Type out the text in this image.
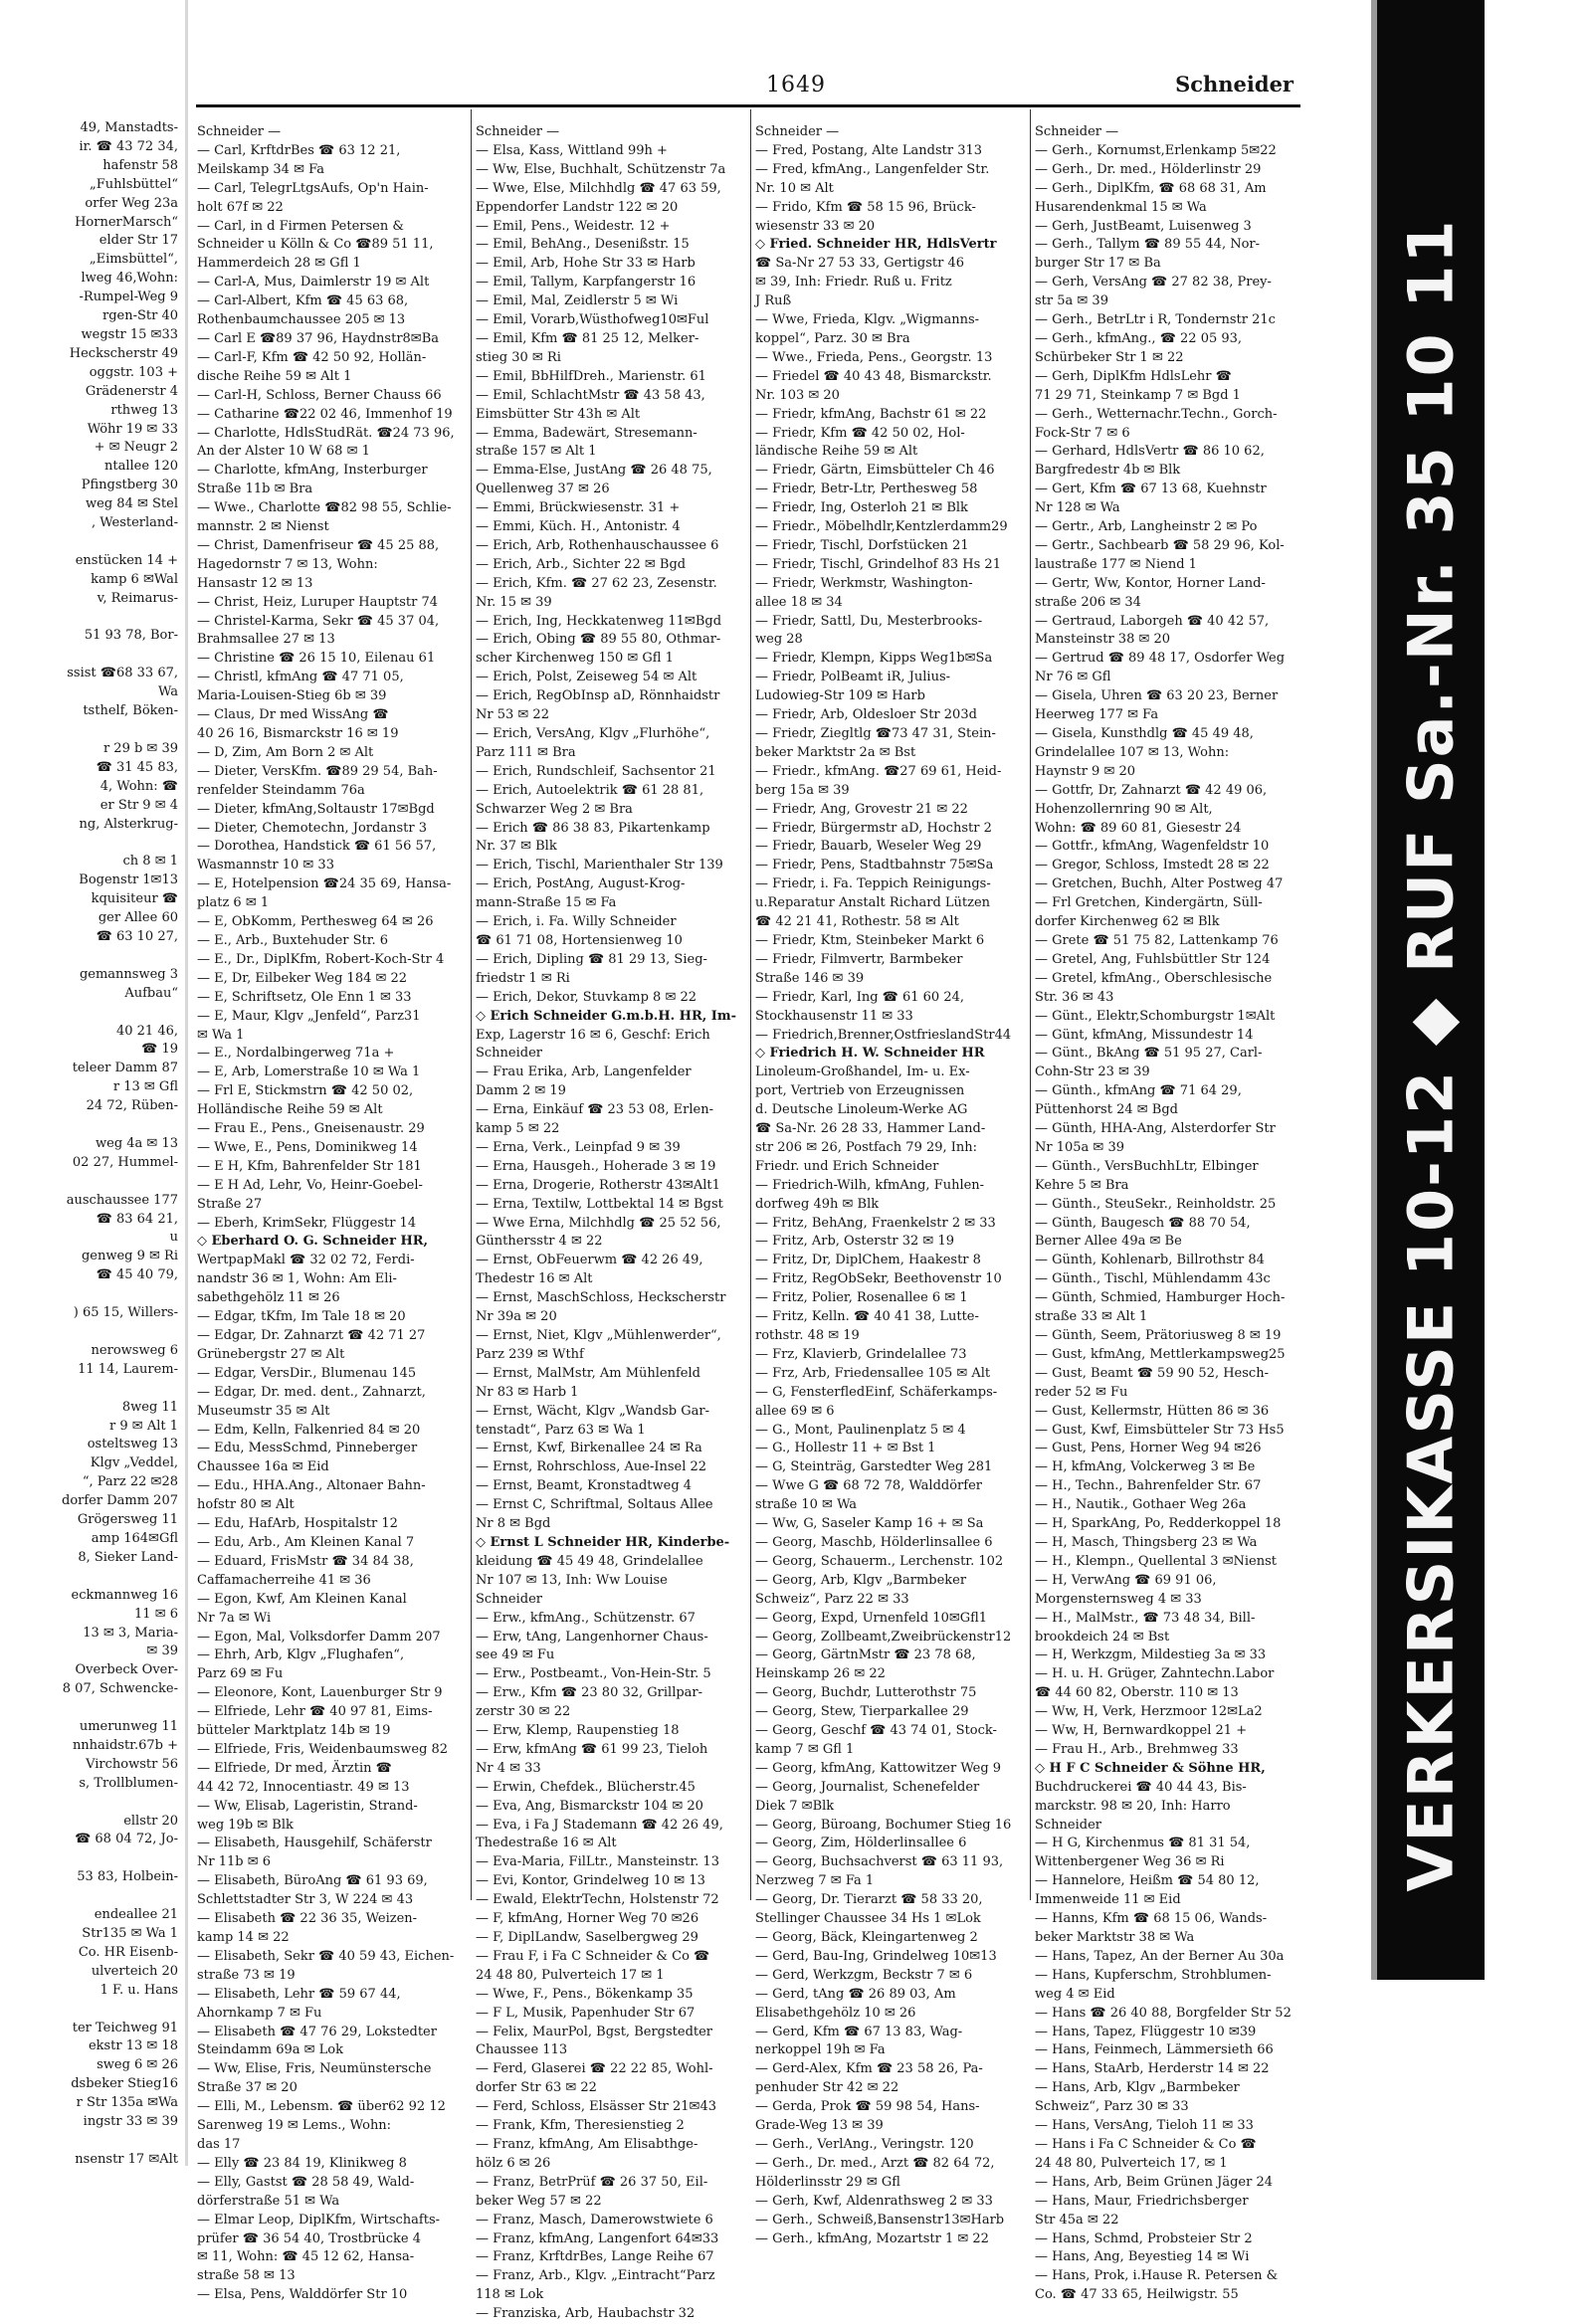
49, Manstadts-
ir. ☎ 43 72 34,
hafenstr 58
„Fuhlsbüttel“
orfer Weg 23a
HornerMarsch“
elder Str 17
„Eimsbüttel“,
lweg 46,Wohn:
-Rumpel-Weg 9
rgen-Str 40
wegstr 15 ✉33
Heckscherstr 49
oggstr. 103 +
Grädenerstr 4
rthweg 13
Wöhr 19 ✉ 33
+ ✉ Neugr 2
ntallee 120
Pfingstberg 30
weg 84 ✉ Stel
, Westerland-

enstücken 14 +
kamp 6 ✉Wal
v, Reimarus-

51 93 78, Bor-

ssist ☎68 33 67,
Wa
tsthelf, Böken-

r 29 b ✉ 39
☎ 31 45 83,
4, Wohn: ☎
er Str 9 ✉ 4
ng, Alsterkrug-

ch 8 ✉ 1
Bogenstr 1✉13
kquisiteur ☎
ger Allee 60
☎ 63 10 27,

gemannsweg 3
Aufbau“

40 21 46,
☎ 19
teleer Damm 87
r 13 ✉ Gfl
24 72, Rüben-

weg 4a ✉ 13
02 27, Hummel-

auschaussee 177
☎ 83 64 21,
u
genweg 9 ✉ Ri
☎ 45 40 79,

) 65 15, Willers-

nerowsweg 6
11 14, Laurem-

8weg 11
r 9 ✉ Alt 1
osteltsweg 13
Klgv „Veddel,
“, Parz 22 ✉28
dorfer Damm 207
Grögersweg 11
amp 164✉Gfl
8, Sieker Land-

eckmannweg 16
11 ✉ 6
13 ✉ 3, Maria-
✉ 39
Overbeck Over-
8 07, Schwencke-

umerunweg 11
nnhaidstr.67b +
Virchowstr 56
s, Trollblumen-

ellstr 20
☎ 68 04 72, Jo-

53 83, Holbein-

endeallee 21
Str135 ✉ Wa 1
Co. HR Eisenb-
ulverteich 20
1 F. u. Hans

ter Teichweg 91
ekstr 13 ✉ 18
sweg 6 ✉ 26
dsbeker Stieg16
r Str 135a ✉Wa
ingstr 33 ✉ 39

nsenstr 17 ✉Alt
1649	Schneider
Schneider —
— Carl, KrftdrBes ☎ 63 12 21,
Meilskamp 34 ✉ Fa
— Carl, TelegrLtgsAufs, Op'n Hain-
holt 67f ✉ 22
— Carl, in d Firmen Petersen &
Schneider u Kölln & Co ☎89 51 11,
Hammerdeich 28 ✉ Gfl 1
— Carl-A, Mus, Daimlerstr 19 ✉ Alt
— Carl-Albert, Kfm ☎ 45 63 68,
Rothenbaumchaussee 205 ✉ 13
— Carl E ☎89 37 96, Haydnstr8✉Ba
— Carl-F, Kfm ☎ 42 50 92, Hollän-
dische Reihe 59 ✉ Alt 1
— Carl-H, Schloss, Berner Chauss 66
— Catharine ☎22 02 46, Immenhof 19
— Charlotte, HdlsStudRät. ☎24 73 96,
An der Alster 10 W 68 ✉ 1
— Charlotte, kfmAng, Insterburger
Straße 11b ✉ Bra
— Wwe., Charlotte ☎82 98 55, Schlie-
mannstr. 2 ✉ Nienst
— Christ, Damenfriseur ☎ 45 25 88,
Hagedornstr 7 ✉ 13, Wohn:
Hansastr 12 ✉ 13
— Christ, Heiz, Luruper Hauptstr 74
— Christel-Karma, Sekr ☎ 45 37 04,
Brahmsallee 27 ✉ 13
— Christine ☎ 26 15 10, Eilenau 61
— Christl, kfmAng ☎ 47 71 05,
Maria-Louisen-Stieg 6b ✉ 39
— Claus, Dr med WissAng ☎
40 26 16, Bismarckstr 16 ✉ 19
— D, Zim, Am Born 2 ✉ Alt
— Dieter, VersKfm. ☎89 29 54, Bah-
renfelder Steindamm 76a
— Dieter, kfmAng,Soltaustr 17✉Bgd
— Dieter, Chemotechn, Jordanstr 3
— Dorothea, Handstick ☎ 61 56 57,
Wasmannstr 10 ✉ 33
— E, Hotelpension ☎24 35 69, Hansa-
platz 6 ✉ 1
— E, ObKomm, Perthesweg 64 ✉ 26
— E., Arb., Buxtehuder Str. 6
— E., Dr., DiplKfm, Robert-Koch-Str 4
— E, Dr, Eilbeker Weg 184 ✉ 22
— E, Schriftsetz, Ole Enn 1 ✉ 33
— E, Maur, Klgv „Jenfeld“, Parz31
✉ Wa 1
— E., Nordalbingerweg 71a +
— E, Arb, Lomerstraße 10 ✉ Wa 1
— Frl E, Stickmstrn ☎ 42 50 02,
Holländische Reihe 59 ✉ Alt
— Frau E., Pens., Gneisenaustr. 29
— Wwe, E., Pens, Dominikweg 14
— E H, Kfm, Bahrenfelder Str 181
— E H Ad, Lehr, Vo, Heinr-Goebel-
Straße 27
— Eberh, KrimSekr, Flüggestr 14
◇ Eberhard O. G. Schneider HR,
WertpapMakl ☎ 32 02 72, Ferdi-
nandstr 36 ✉ 1, Wohn: Am Eli-
sabethgehölz 11 ✉ 26
— Edgar, tKfm, Im Tale 18 ✉ 20
— Edgar, Dr. Zahnarzt ☎ 42 71 27
Grünebergstr 27 ✉ Alt
— Edgar, VersDir., Blumenau 145
— Edgar, Dr. med. dent., Zahnarzt,
Museumstr 35 ✉ Alt
— Edm, Kelln, Falkenried 84 ✉ 20
— Edu, MessSchmd, Pinneberger
Chaussee 16a ✉ Eid
— Edu., HHA.Ang., Altonaer Bahn-
hofstr 80 ✉ Alt
— Edu, HafArb, Hospitalstr 12
— Edu, Arb., Am Kleinen Kanal 7
— Eduard, FrisMstr ☎ 34 84 38,
Caffamacherreihe 41 ✉ 36
— Egon, Kwf, Am Kleinen Kanal
Nr 7a ✉ Wi
— Egon, Mal, Volksdorfer Damm 207
— Ehrh, Arb, Klgv „Flughafen“,
Parz 69 ✉ Fu
— Eleonore, Kont, Lauenburger Str 9
— Elfriede, Lehr ☎ 40 97 81, Eims-
bütteler Marktplatz 14b ✉ 19
— Elfriede, Fris, Weidenbaumsweg 82
— Elfriede, Dr med, Ärztin ☎
44 42 72, Innocentiastr. 49 ✉ 13
— Ww, Elisab, Lageristin, Strand-
weg 19b ✉ Blk
— Elisabeth, Hausgehilf, Schäferstr
Nr 11b ✉ 6
— Elisabeth, BüroAng ☎ 61 93 69,
Schlettstadter Str 3, W 224 ✉ 43
— Elisabeth ☎ 22 36 35, Weizen-
kamp 14 ✉ 22
— Elisabeth, Sekr ☎ 40 59 43, Eichen-
straße 73 ✉ 19
— Elisabeth, Lehr ☎ 59 67 44,
Ahornkamp 7 ✉ Fu
— Elisabeth ☎ 47 76 29, Lokstedter
Steindamm 69a ✉ Lok
— Ww, Elise, Fris, Neumünstersche
Straße 37 ✉ 20
— Elli, M., Lebensm. ☎ über62 92 12
Sarenweg 19 ✉ Lems., Wohn:
das 17
— Elly ☎ 23 84 19, Klinikweg 8
— Elly, Gastst ☎ 28 58 49, Wald-
dörferstraße 51 ✉ Wa
— Elmar Leop, DiplKfm, Wirtschafts-
prüfer ☎ 36 54 40, Trostbrücke 4
✉ 11, Wohn: ☎ 45 12 62, Hansa-
straße 58 ✉ 13
— Elsa, Pens, Walddörfer Str 10
Schneider —
— Elsa, Kass, Wittland 99h +
— Ww, Else, Buchhalt, Schützenstr 7a
— Wwe, Else, Milchhdlg ☎ 47 63 59,
Eppendorfer Landstr 122 ✉ 20
— Emil, Pens., Weidestr. 12 +
— Emil, BehAng., Desenißstr. 15
— Emil, Arb, Hohe Str 33 ✉ Harb
— Emil, Tallym, Karpfangerstr 16
— Emil, Mal, Zeidlerstr 5 ✉ Wi
— Emil, Vorarb,Wüsthofweg10✉Ful
— Emil, Kfm ☎ 81 25 12, Melker-
stieg 30 ✉ Ri
— Emil, BbHilfDreh., Marienstr. 61
— Emil, SchlachtMstr ☎ 43 58 43,
Eimsbütter Str 43h ✉ Alt
— Emma, Badewärt, Stresemann-
straße 157 ✉ Alt 1
— Emma-Else, JustAng ☎ 26 48 75,
Quellenweg 37 ✉ 26
— Emmi, Brückwiesenstr. 31 +
— Emmi, Küch. H., Antonistr. 4
— Erich, Arb, Rothenhauschaussee 6
— Erich, Arb., Sichter 22 ✉ Bgd
— Erich, Kfm. ☎ 27 62 23, Zesenstr.
Nr. 15 ✉ 39
— Erich, Ing, Heckkatenweg 11✉Bgd
— Erich, Obing ☎ 89 55 80, Othmar-
scher Kirchenweg 150 ✉ Gfl 1
— Erich, Polst, Zeiseweg 54 ✉ Alt
— Erich, RegObInsp aD, Rönnhaidstr
Nr 53 ✉ 22
— Erich, VersAng, Klgv „Flurhöhe“,
Parz 111 ✉ Bra
— Erich, Rundschleif, Sachsentor 21
— Erich, Autoelektrik ☎ 61 28 81,
Schwarzer Weg 2 ✉ Bra
— Erich ☎ 86 38 83, Pikartenkamp
Nr. 37 ✉ Blk
— Erich, Tischl, Marienthaler Str 139
— Erich, PostAng, August-Krog-
mann-Straße 15 ✉ Fa
— Erich, i. Fa. Willy Schneider
☎ 61 71 08, Hortensienweg 10
— Erich, Dipling ☎ 81 29 13, Sieg-
friedstr 1 ✉ Ri
— Erich, Dekor, Stuvkamp 8 ✉ 22
◇ Erich Schneider G.m.b.H. HR, Im-
Exp, Lagerstr 16 ✉ 6, Geschf: Erich
Schneider
— Frau Erika, Arb, Langenfelder
Damm 2 ✉ 19
— Erna, Einkäuf ☎ 23 53 08, Erlen-
kamp 5 ✉ 22
— Erna, Verk., Leinpfad 9 ✉ 39
— Erna, Hausgeh., Hoherade 3 ✉ 19
— Erna, Drogerie, Rotherstr 43✉Alt1
— Erna, Textilw, Lottbektal 14 ✉ Bgst
— Wwe Erna, Milchhdlg ☎ 25 52 56,
Günthersstr 4 ✉ 22
— Ernst, ObFeuerwm ☎ 42 26 49,
Thedestr 16 ✉ Alt
— Ernst, MaschSchloss, Heckscherstr
Nr 39a ✉ 20
— Ernst, Niet, Klgv „Mühlenwerder“,
Parz 239 ✉ Wthf
— Ernst, MalMstr, Am Mühlenfeld
Nr 83 ✉ Harb 1
— Ernst, Wächt, Klgv „Wandsb Gar-
tenstadt“, Parz 63 ✉ Wa 1
— Ernst, Kwf, Birkenallee 24 ✉ Ra
— Ernst, Rohrschloss, Aue-Insel 22
— Ernst, Beamt, Kronstadtweg 4
— Ernst C, Schriftmal, Soltaus Allee
Nr 8 ✉ Bgd
◇ Ernst L Schneider HR, Kinderbe-
kleidung ☎ 45 49 48, Grindelallee
Nr 107 ✉ 13, Inh: Ww Louise
Schneider
— Erw., kfmAng., Schützenstr. 67
— Erw, tAng, Langenhorner Chaus-
see 49 ✉ Fu
— Erw., Postbeamt., Von-Hein-Str. 5
— Erw., Kfm ☎ 23 80 32, Grillpar-
zerstr 30 ✉ 22
— Erw, Klemp, Raupenstieg 18
— Erw, kfmAng ☎ 61 99 23, Tieloh
Nr 4 ✉ 33
— Erwin, Chefdek., Blücherstr.45
— Eva, Ang, Bismarckstr 104 ✉ 20
— Eva, i Fa J Stademann ☎ 42 26 49,
Thedestraße 16 ✉ Alt
— Eva-Maria, FilLtr., Mansteinstr. 13
— Evi, Kontor, Grindelweg 10 ✉ 13
— Ewald, ElektrTechn, Holstenstr 72
— F, kfmAng, Horner Weg 70 ✉26
— F, DiplLandw, Saselbergweg 29
— Frau F, i Fa C Schneider & Co ☎
24 48 80, Pulverteich 17 ✉ 1
— Wwe, F., Pens., Bökenkamp 35
— F L, Musik, Papenhuder Str 67
— Felix, MaurPol, Bgst, Bergstedter
Chaussee 113
— Ferd, Glaserei ☎ 22 22 85, Wohl-
dorfer Str 63 ✉ 22
— Ferd, Schloss, Elsässer Str 21✉43
— Frank, Kfm, Theresienstieg 2
— Franz, kfmAng, Am Elisabthge-
hölz 6 ✉ 26
— Franz, BetrPrüf ☎ 26 37 50, Eil-
beker Weg 57 ✉ 22
— Franz, Masch, Damerowstwiete 6
— Franz, kfmAng, Langenfort 64✉33
— Franz, KrftdrBes, Lange Reihe 67
— Franz, Arb., Klgv. „Eintracht“Parz
118 ✉ Lok
— Franziska, Arb, Haubachstr 32
Schneider —
— Fred, Postang, Alte Landstr 313
— Fred, kfmAng., Langenfelder Str.
Nr. 10 ✉ Alt
— Frido, Kfm ☎ 58 15 96, Brück-
wiesenstr 33 ✉ 20
◇ Fried. Schneider HR, HdlsVertr
☎ Sa-Nr 27 53 33, Gertigstr 46
✉ 39, Inh: Friedr. Ruß u. Fritz
J Ruß
— Wwe, Frieda, Klgv. „Wigmanns-
koppel“, Parz. 30 ✉ Bra
— Wwe., Frieda, Pens., Georgstr. 13
— Friedel ☎ 40 43 48, Bismarckstr.
Nr. 103 ✉ 20
— Friedr, kfmAng, Bachstr 61 ✉ 22
— Friedr, Kfm ☎ 42 50 02, Hol-
ländische Reihe 59 ✉ Alt
— Friedr, Gärtn, Eimsbütteler Ch 46
— Friedr, Betr-Ltr, Perthesweg 58
— Friedr, Ing, Osterloh 21 ✉ Blk
— Friedr., Möbelhdlr,Kentzlerdamm29
— Friedr, Tischl, Dorfstücken 21
— Friedr, Tischl, Grindelhof 83 Hs 21
— Friedr, Werkmstr, Washington-
allee 18 ✉ 34
— Friedr, Sattl, Du, Mesterbrooks-
weg 28
— Friedr, Klempn, Kipps Weg1b✉Sa
— Friedr, PolBeamt iR, Julius-
Ludowieg-Str 109 ✉ Harb
— Friedr, Arb, Oldesloer Str 203d
— Friedr, Ziegltlg ☎73 47 31, Stein-
beker Marktstr 2a ✉ Bst
— Friedr., kfmAng. ☎27 69 61, Heid-
berg 15a ✉ 39
— Friedr, Ang, Grovestr 21 ✉ 22
— Friedr, Bürgermstr aD, Hochstr 2
— Friedr, Bauarb, Weseler Weg 29
— Friedr, Pens, Stadtbahnstr 75✉Sa
— Friedr, i. Fa. Teppich Reinigungs-
u.Reparatur Anstalt Richard Lützen
☎ 42 21 41, Rothestr. 58 ✉ Alt
— Friedr, Ktm, Steinbeker Markt 6
— Friedr, Filmvertr, Barmbeker
Straße 146 ✉ 39
— Friedr, Karl, Ing ☎ 61 60 24,
Stockhausenstr 11 ✉ 33
— Friedrich,Brenner,OstfrieslandStr44
◇ Friedrich H. W. Schneider HR
Linoleum-Großhandel, Im- u. Ex-
port, Vertrieb von Erzeugnissen
d. Deutsche Linoleum-Werke AG
☎ Sa-Nr. 26 28 33, Hammer Land-
str 206 ✉ 26, Postfach 79 29, Inh:
Friedr. und Erich Schneider
— Friedrich-Wilh, kfmAng, Fuhlen-
dorfweg 49h ✉ Blk
— Fritz, BehAng, Fraenkelstr 2 ✉ 33
— Fritz, Arb, Osterstr 32 ✉ 19
— Fritz, Dr, DiplChem, Haakestr 8
— Fritz, RegObSekr, Beethovenstr 10
— Fritz, Polier, Rosenallee 6 ✉ 1
— Fritz, Kelln. ☎ 40 41 38, Lutte-
rothstr. 48 ✉ 19
— Frz, Klavierb, Grindelallee 73
— Frz, Arb, Friedensallee 105 ✉ Alt
— G, FensterfledEinf, Schäferkamps-
allee 69 ✉ 6
— G., Mont, Paulinenplatz 5 ✉ 4
— G., Hollestr 11 + ✉ Bst 1
— G, Steinträg, Garstedter Weg 281
— Wwe G ☎ 68 72 78, Walddörfer
straße 10 ✉ Wa
— Ww, G, Saseler Kamp 16 + ✉ Sa
— Georg, Maschb, Hölderlinsallee 6
— Georg, Schauerm., Lerchenstr. 102
— Georg, Arb, Klgv „Barmbeker
Schweiz“, Parz 22 ✉ 33
— Georg, Expd, Urnenfeld 10✉Gfl1
— Georg, Zollbeamt,Zweibrückenstr12
— Georg, GärtnMstr ☎ 23 78 68,
Heinskamp 26 ✉ 22
— Georg, Buchdr, Lutterothstr 75
— Georg, Stew, Tierparkallee 29
— Georg, Geschf ☎ 43 74 01, Stock-
kamp 7 ✉ Gfl 1
— Georg, kfmAng, Kattowitzer Weg 9
— Georg, Journalist, Schenefelder
Diek 7 ✉Blk
— Georg, Büroang, Bochumer Stieg 16
— Georg, Zim, Hölderlinsallee 6
— Georg, Buchsachverst ☎ 63 11 93,
Nerzweg 7 ✉ Fa 1
— Georg, Dr. Tierarzt ☎ 58 33 20,
Stellinger Chaussee 34 Hs 1 ✉Lok
— Georg, Bäck, Kleingartenweg 2
— Gerd, Bau-Ing, Grindelweg 10✉13
— Gerd, Werkzgm, Beckstr 7 ✉ 6
— Gerd, tAng ☎ 26 89 03, Am
Elisabethgehölz 10 ✉ 26
— Gerd, Kfm ☎ 67 13 83, Wag-
nerkoppel 19h ✉ Fa
— Gerd-Alex, Kfm ☎ 23 58 26, Pa-
penhuder Str 42 ✉ 22
— Gerda, Prok ☎ 59 98 54, Hans-
Grade-Weg 13 ✉ 39
— Gerh., VerlAng., Veringstr. 120
— Gerh., Dr. med., Arzt ☎ 82 64 72,
Hölderlinsstr 29 ✉ Gfl
— Gerh, Kwf, Aldenrathsweg 2 ✉ 33
— Gerh., Schweiß,Bansenstr13✉Harb
— Gerh., kfmAng, Mozartstr 1 ✉ 22
Schneider —
— Gerh., Kornumst,Erlenkamp 5✉22
— Gerh., Dr. med., Hölderlinstr 29
— Gerh., DiplKfm, ☎ 68 68 31, Am
Husarendenkmal 15 ✉ Wa
— Gerh, JustBeamt, Luisenweg 3
— Gerh., Tallym ☎ 89 55 44, Nor-
burger Str 17 ✉ Ba
— Gerh, VersAng ☎ 27 82 38, Prey-
str 5a ✉ 39
— Gerh., BetrLtr i R, Tondernstr 21c
— Gerh., kfmAng., ☎ 22 05 93,
Schürbeker Str 1 ✉ 22
— Gerh, DiplKfm HdlsLehr ☎
71 29 71, Steinkamp 7 ✉ Bgd 1
— Gerh., Wetternachr.Techn., Gorch-
Fock-Str 7 ✉ 6
— Gerhard, HdlsVertr ☎ 86 10 62,
Bargfredestr 4b ✉ Blk
— Gert, Kfm ☎ 67 13 68, Kuehnstr
Nr 128 ✉ Wa
— Gertr., Arb, Langheinstr 2 ✉ Po
— Gertr., Sachbearb ☎ 58 29 96, Kol-
laustraße 177 ✉ Niend 1
— Gertr, Ww, Kontor, Horner Land-
straße 206 ✉ 34
— Gertraud, Laborgeh ☎ 40 42 57,
Mansteinstr 38 ✉ 20
— Gertrud ☎ 89 48 17, Osdorfer Weg
Nr 76 ✉ Gfl
— Gisela, Uhren ☎ 63 20 23, Berner
Heerweg 177 ✉ Fa
— Gisela, Kunsthdlg ☎ 45 49 48,
Grindelallee 107 ✉ 13, Wohn:
Haynstr 9 ✉ 20
— Gottfr, Dr, Zahnarzt ☎ 42 49 06,
Hohenzollernring 90 ✉ Alt,
Wohn: ☎ 89 60 81, Giesestr 24
— Gottfr., kfmAng, Wagenfeldstr 10
— Gregor, Schloss, Imstedt 28 ✉ 22
— Gretchen, Buchh, Alter Postweg 47
— Frl Gretchen, Kindergärtn, Süll-
dorfer Kirchenweg 62 ✉ Blk
— Grete ☎ 51 75 82, Lattenkamp 76
— Gretel, Ang, Fuhlsbüttler Str 124
— Gretel, kfmAng., Oberschlesische
Str. 36 ✉ 43
— Günt., Elektr,Schomburgstr 1✉Alt
— Günt, kfmAng, Missundestr 14
— Günt., BkAng ☎ 51 95 27, Carl-
Cohn-Str 23 ✉ 39
— Günth., kfmAng ☎ 71 64 29,
Püttenhorst 24 ✉ Bgd
— Günth, HHA-Ang, Alsterdorfer Str
Nr 105a ✉ 39
— Günth., VersBuchhLtr, Elbinger
Kehre 5 ✉ Bra
— Günth., SteuSekr., Reinholdstr. 25
— Günth, Baugesch ☎ 88 70 54,
Berner Allee 49a ✉ Be
— Günth, Kohlenarb, Billrothstr 84
— Günth., Tischl, Mühlendamm 43c
— Günth, Schmied, Hamburger Hoch-
straße 33 ✉ Alt 1
— Günth, Seem, Prätoriusweg 8 ✉ 19
— Gust, kfmAng, Mettlerkampsweg25
— Gust, Beamt ☎ 59 90 52, Hesch-
reder 52 ✉ Fu
— Gust, Kellermstr, Hütten 86 ✉ 36
— Gust, Kwf, Eimsbütteler Str 73 Hs5
— Gust, Pens, Horner Weg 94 ✉26
— H, kfmAng, Volckerweg 3 ✉ Be
— H., Techn., Bahrenfelder Str. 67
— H., Nautik., Gothaer Weg 26a
— H, SparkAng, Po, Redderkoppel 18
— H, Masch, Thingsberg 23 ✉ Wa
— H., Klempn., Quellental 3 ✉Nienst
— H, VerwAng ☎ 69 91 06,
Morgensternsweg 4 ✉ 33
— H., MalMstr., ☎ 73 48 34, Bill-
brookdeich 24 ✉ Bst
— H, Werkzgm, Mildestieg 3a ✉ 33
— H. u. H. Grüger, Zahntechn.Labor
☎ 44 60 82, Oberstr. 110 ✉ 13
— Ww, H, Verk, Herzmoor 12✉La2
— Ww, H, Bernwardkoppel 21 +
— Frau H., Arb., Brehmweg 33
◇ H F C Schneider & Söhne HR,
Buchdruckerei ☎ 40 44 43, Bis-
marckstr. 98 ✉ 20, Inh: Harro
Schneider
— H G, Kirchenmus ☎ 81 31 54,
Wittenbergener Weg 36 ✉ Ri
— Hannelore, Heißm ☎ 54 80 12,
Immenweide 11 ✉ Eid
— Hanns, Kfm ☎ 68 15 06, Wands-
beker Marktstr 38 ✉ Wa
— Hans, Tapez, An der Berner Au 30a
— Hans, Kupferschm, Strohblumen-
weg 4 ✉ Eid
— Hans ☎ 26 40 88, Borgfelder Str 52
— Hans, Tapez, Flüggestr 10 ✉39
— Hans, Feinmech, Lämmersieth 66
— Hans, StaArb, Herderstr 14 ✉ 22
— Hans, Arb, Klgv „Barmbeker
Schweiz“, Parz 30 ✉ 33
— Hans, VersAng, Tieloh 11 ✉ 33
— Hans i Fa C Schneider & Co ☎
24 48 80, Pulverteich 17, ✉ 1
— Hans, Arb, Beim Grünen Jäger 24
— Hans, Maur, Friedrichsberger
Str 45a ✉ 22
— Hans, Schmd, Probsteier Str 2
— Hans, Ang, Beyestieg 14 ✉ Wi
— Hans, Prok, i.Hause R. Petersen &
Co. ☎ 47 33 65, Heilwigstr. 55
VERKERSIKASSE 10-12 ◆ RUF Sa.-Nr. 35 10 11
